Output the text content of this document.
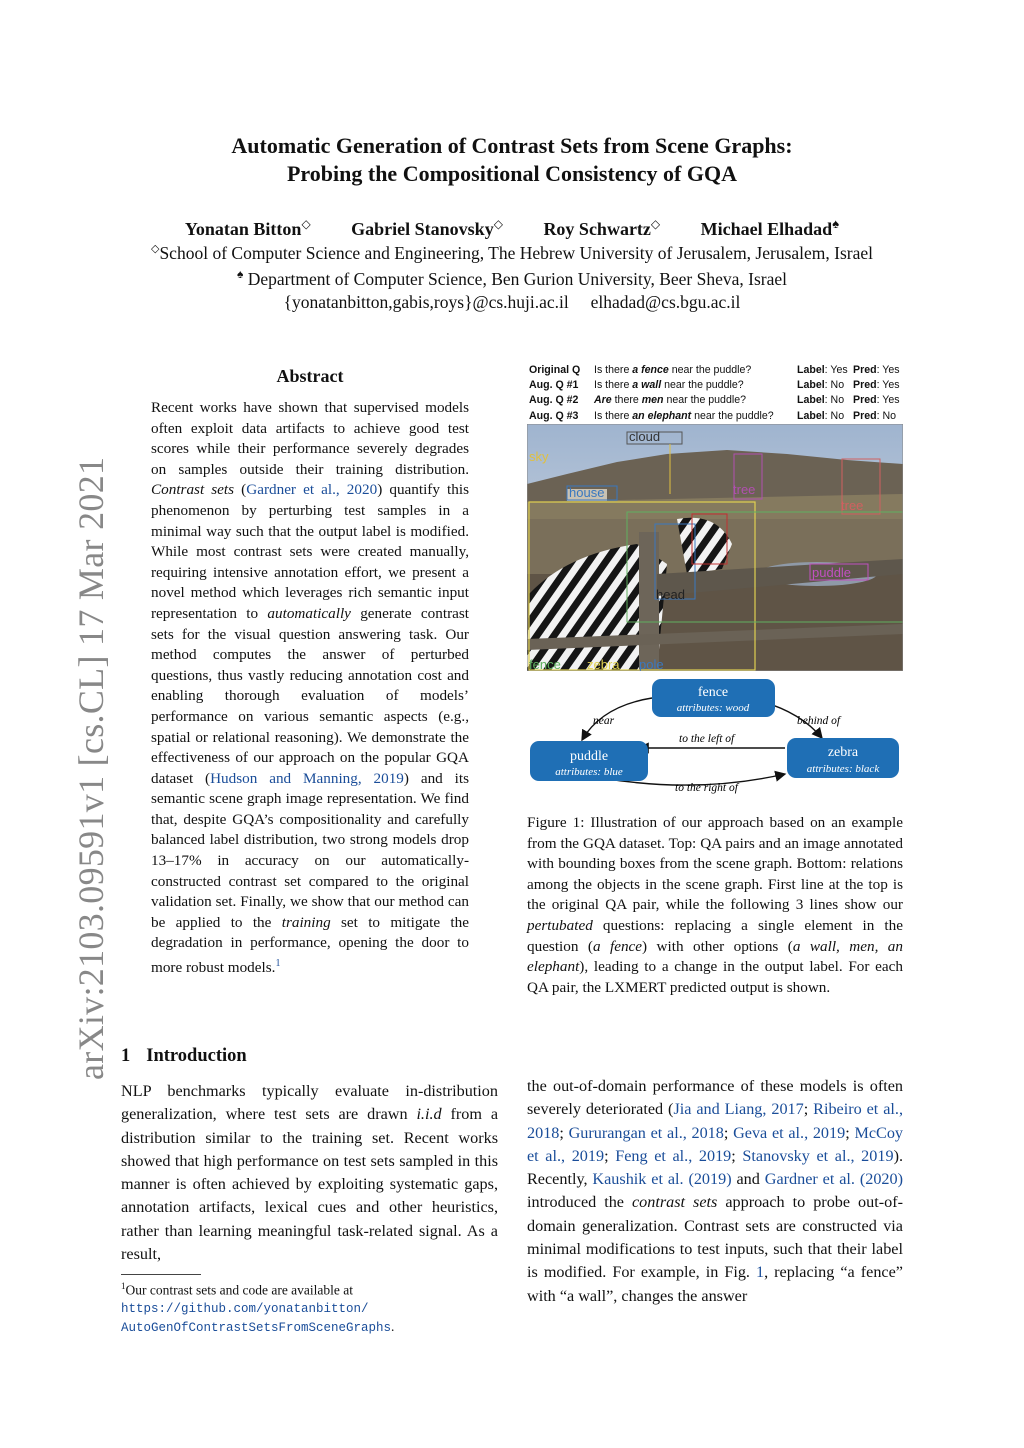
arXiv:2103.09591v1 [cs.CL] 17 Mar 2021
Automatic Generation of Contrast Sets from Scene Graphs:
Probing the Compositional Consistency of GQA
Yonatan Bitton◇ Gabriel Stanovsky◇ Roy Schwartz◇ Michael Elhadad♠
◇School of Computer Science and Engineering, The Hebrew University of Jerusalem, Jerusalem, Israel
♠ Department of Computer Science, Ben Gurion University, Beer Sheva, Israel
{yonatanbitton,gabis,roys}@cs.huji.ac.il     elhadad@cs.bgu.ac.il
Abstract
Recent works have shown that supervised models often exploit data artifacts to achieve good test scores while their performance severely degrades on samples outside their training distribution. Contrast sets (Gardner et al., 2020) quantify this phenomenon by perturbing test samples in a minimal way such that the output label is modified. While most contrast sets were created manually, requiring intensive annotation effort, we present a novel method which leverages rich semantic input representation to automatically generate contrast sets for the visual question answering task. Our method computes the answer of perturbed questions, thus vastly reducing annotation cost and enabling thorough evaluation of models’ performance on various semantic aspects (e.g., spatial or relational reasoning). We demonstrate the effectiveness of our approach on the popular GQA dataset (Hudson and Manning, 2019) and its semantic scene graph image representation. We find that, despite GQA’s compositionality and carefully balanced label distribution, two strong models drop 13–17% in accuracy on our automatically-constructed contrast set compared to the original validation set. Finally, we show that our method can be applied to the training set to mitigate the degradation in performance, opening the door to more robust models.$^1$
1 Introduction
NLP benchmarks typically evaluate in-distribution generalization, where test sets are drawn i.i.d from a distribution similar to the training set. Recent works showed that high performance on test sets sampled in this manner is often achieved by exploiting systematic gaps, annotation artifacts, lexical cues and other heuristics, rather than learning meaningful task-related signal. As a result,
$^1$Our contrast sets and code are available at
https://github.com/yonatanbitton/
AutoGenOfContrastSetsFromSceneGraphs.
the out-of-domain performance of these models is often severely deteriorated (Jia and Liang, 2017; Ribeiro et al., 2018; Gururangan et al., 2018; Geva et al., 2019; McCoy et al., 2019; Feng et al., 2019; Stanovsky et al., 2019). Recently, Kaushik et al. (2019) and Gardner et al. (2020) introduced the contrast sets approach to probe out-of-domain generalization. Contrast sets are constructed via minimal modifications to test inputs, such that their label is modified. For example, in Fig. 1, replacing “a fence” with “a wall”, changes the answer
Original Q Is there a fence near the puddle?	Label: Yes Pred: Yes
Aug. Q #1 Is there a wall near the puddle?	Label: No Pred: Yes
Aug. Q #2 Are there men near the puddle?	Label: No Pred: Yes
Aug. Q #3 Is there an elephant near the puddle? Label: No Pred: No
cloud
sky
house	tree
tree
puddle
head
fence zebra pole
near	behind of
to the left of
to the right of
fence
attributes: wood
puddle
attributes: blue
zebra
attributes: black
Figure 1: Illustration of our approach based on an example from the GQA dataset. Top: QA pairs and an image annotated with bounding boxes from the scene graph. Bottom: relations among the objects in the scene graph. First line at the top is the original QA pair, while the following 3 lines show our pertubated questions: replacing a single element in the question (a fence) with other options (a wall, men, an elephant), leading to a change in the output label. For each QA pair, the LXMERT predicted output is shown.
